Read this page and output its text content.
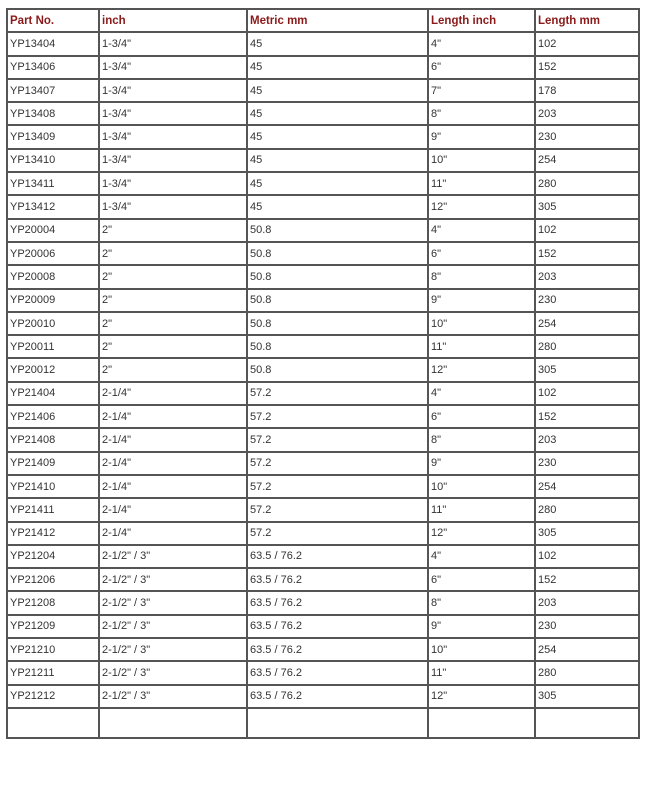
Part No.	inch	Metric mm	Length inch	Length mm
YP13404	1-3/4"	45	4"	102
YP13406	1-3/4"	45	6"	152
YP13407	1-3/4"	45	7"	178
YP13408	1-3/4"	45	8"	203
YP13409	1-3/4"	45	9"	230
YP13410	1-3/4"	45	10"	254
YP13411	1-3/4"	45	11"	280
YP13412	1-3/4"	45	12"	305
YP20004	2"	50.8	4"	102
YP20006	2"	50.8	6"	152
YP20008	2"	50.8	8"	203
YP20009	2"	50.8	9"	230
YP20010	2"	50.8	10"	254
YP20011	2"	50.8	11"	280
YP20012	2"	50.8	12"	305
YP21404	2-1/4"	57.2	4"	102
YP21406	2-1/4"	57.2	6"	152
YP21408	2-1/4"	57.2	8"	203
YP21409	2-1/4"	57.2	9"	230
YP21410	2-1/4"	57.2	10"	254
YP21411	2-1/4"	57.2	11"	280
YP21412	2-1/4"	57.2	12"	305
YP21204	2-1/2" / 3"	63.5 / 76.2	4"	102
YP21206	2-1/2" / 3"	63.5 / 76.2	6"	152
YP21208	2-1/2" / 3"	63.5 / 76.2	8"	203
YP21209	2-1/2" / 3"	63.5 / 76.2	9"	230
YP21210	2-1/2" / 3"	63.5 / 76.2	10"	254
YP21211	2-1/2" / 3"	63.5 / 76.2	11"	280
YP21212	2-1/2" / 3"	63.5 / 76.2	12"	305
